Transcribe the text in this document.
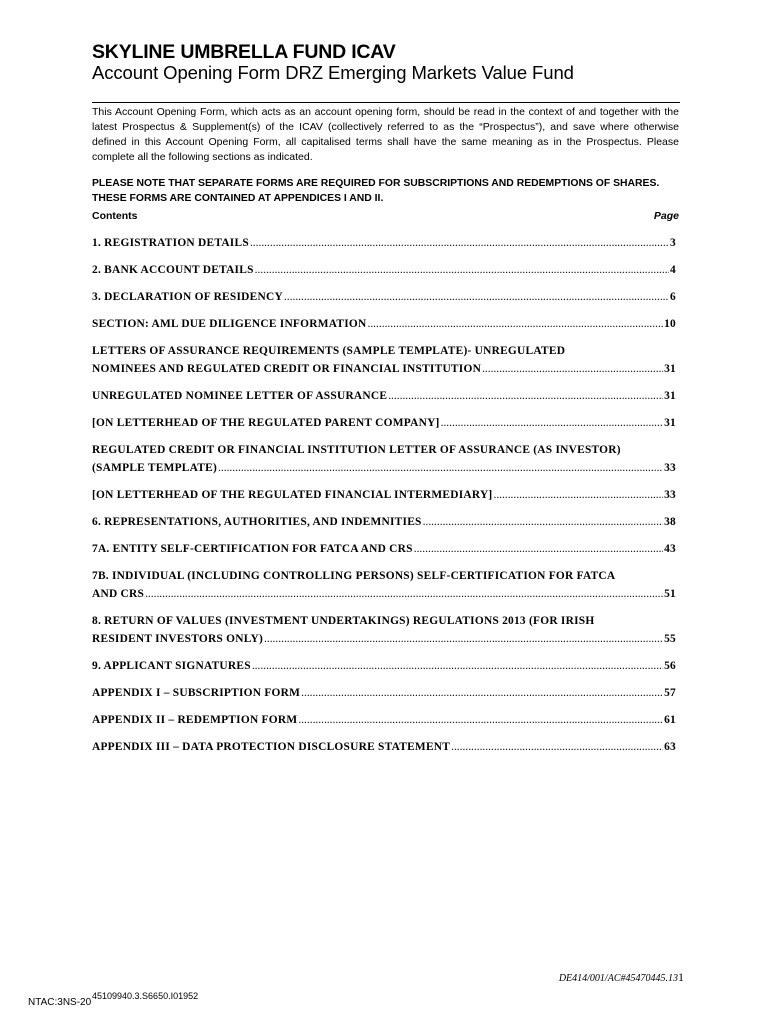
SKYLINE UMBRELLA FUND ICAV
Account Opening Form DRZ Emerging Markets Value Fund

This Account Opening Form, which acts as an account opening form, should be read in the context of and together with the latest Prospectus & Supplement(s) of the ICAV (collectively referred to as the “Prospectus”), and save where otherwise defined in this Account Opening Form, all capitalised terms shall have the same meaning as in the Prospectus. Please complete all the following sections as indicated.

PLEASE NOTE THAT SEPARATE FORMS ARE REQUIRED FOR SUBSCRIPTIONS AND REDEMPTIONS OF SHARES. THESE FORMS ARE CONTAINED AT APPENDICES I AND II.

Contents	Page
1. REGISTRATION DETAILS .....	3
2. BANK ACCOUNT DETAILS .....	4
3. DECLARATION OF RESIDENCY .....	6
SECTION: AML DUE DILIGENCE INFORMATION .....	10
LETTERS OF ASSURANCE REQUIREMENTS (SAMPLE TEMPLATE)- UNREGULATED
NOMINEES AND REGULATED CREDIT OR FINANCIAL INSTITUTION .....	31
UNREGULATED NOMINEE LETTER OF ASSURANCE .....	31
[ON LETTERHEAD OF THE REGULATED PARENT COMPANY] .....	31
REGULATED CREDIT OR FINANCIAL INSTITUTION LETTER OF ASSURANCE (AS INVESTOR)
(SAMPLE TEMPLATE) .....	33
[ON LETTERHEAD OF THE REGULATED FINANCIAL INTERMEDIARY] .....	33
6. REPRESENTATIONS, AUTHORITIES, AND INDEMNITIES .....	38
7A. ENTITY SELF-CERTIFICATION FOR FATCA AND CRS .....	43
7B. INDIVIDUAL (INCLUDING CONTROLLING PERSONS) SELF-CERTIFICATION FOR FATCA
AND CRS .....	51
8. RETURN OF VALUES (INVESTMENT UNDERTAKINGS) REGULATIONS 2013 (FOR IRISH
RESIDENT INVESTORS ONLY) .....	55
9. APPLICANT SIGNATURES .....	56
APPENDIX I – SUBSCRIPTION FORM .....	57
APPENDIX II – REDEMPTION FORM .....	61
APPENDIX III – DATA PROTECTION DISCLOSURE STATEMENT .....	63
DE414/001/AC#45470445.131
45109940.3.S6650.I01952
NTAC:3NS-20
